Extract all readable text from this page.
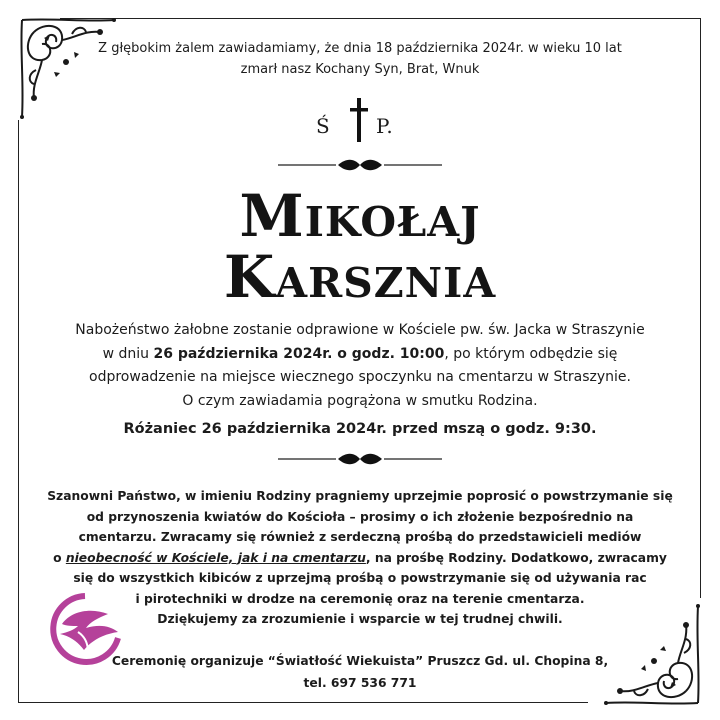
Z głębokim żalem zawiadamiamy, że dnia 18 października 2024r. w wieku 10 lat
zmarł nasz Kochany Syn, Brat, Wnuk
Ś P.
Mikołaj
Karsznia
Nabożeństwo żałobne zostanie odprawione w Kościele pw. św. Jacka w Straszynie
w dniu 26 października 2024r. o godz. 10:00, po którym odbędzie się
odprowadzenie na miejsce wiecznego spoczynku na cmentarzu w Straszynie.
O czym zawiadamia pogrążona w smutku Rodzina.
Różaniec 26 października 2024r. przed mszą o godz. 9:30.
Szanowni Państwo, w imieniu Rodziny pragniemy uprzejmie poprosić o powstrzymanie się
od przynoszenia kwiatów do Kościoła – prosimy o ich złożenie bezpośrednio na
cmentarzu. Zwracamy się również z serdeczną prośbą do przedstawicieli mediów
o nieobecność w Kościele, jak i na cmentarzu, na prośbę Rodziny. Dodatkowo, zwracamy
się do wszystkich kibiców z uprzejmą prośbą o powstrzymanie się od używania rac
i pirotechniki w drodze na ceremonię oraz na terenie cmentarza.
Dziękujemy za zrozumienie i wsparcie w tej trudnej chwili.
Ceremonię organizuje “Światłość Wiekuista” Pruszcz Gd. ul. Chopina 8,
tel. 697 536 771
